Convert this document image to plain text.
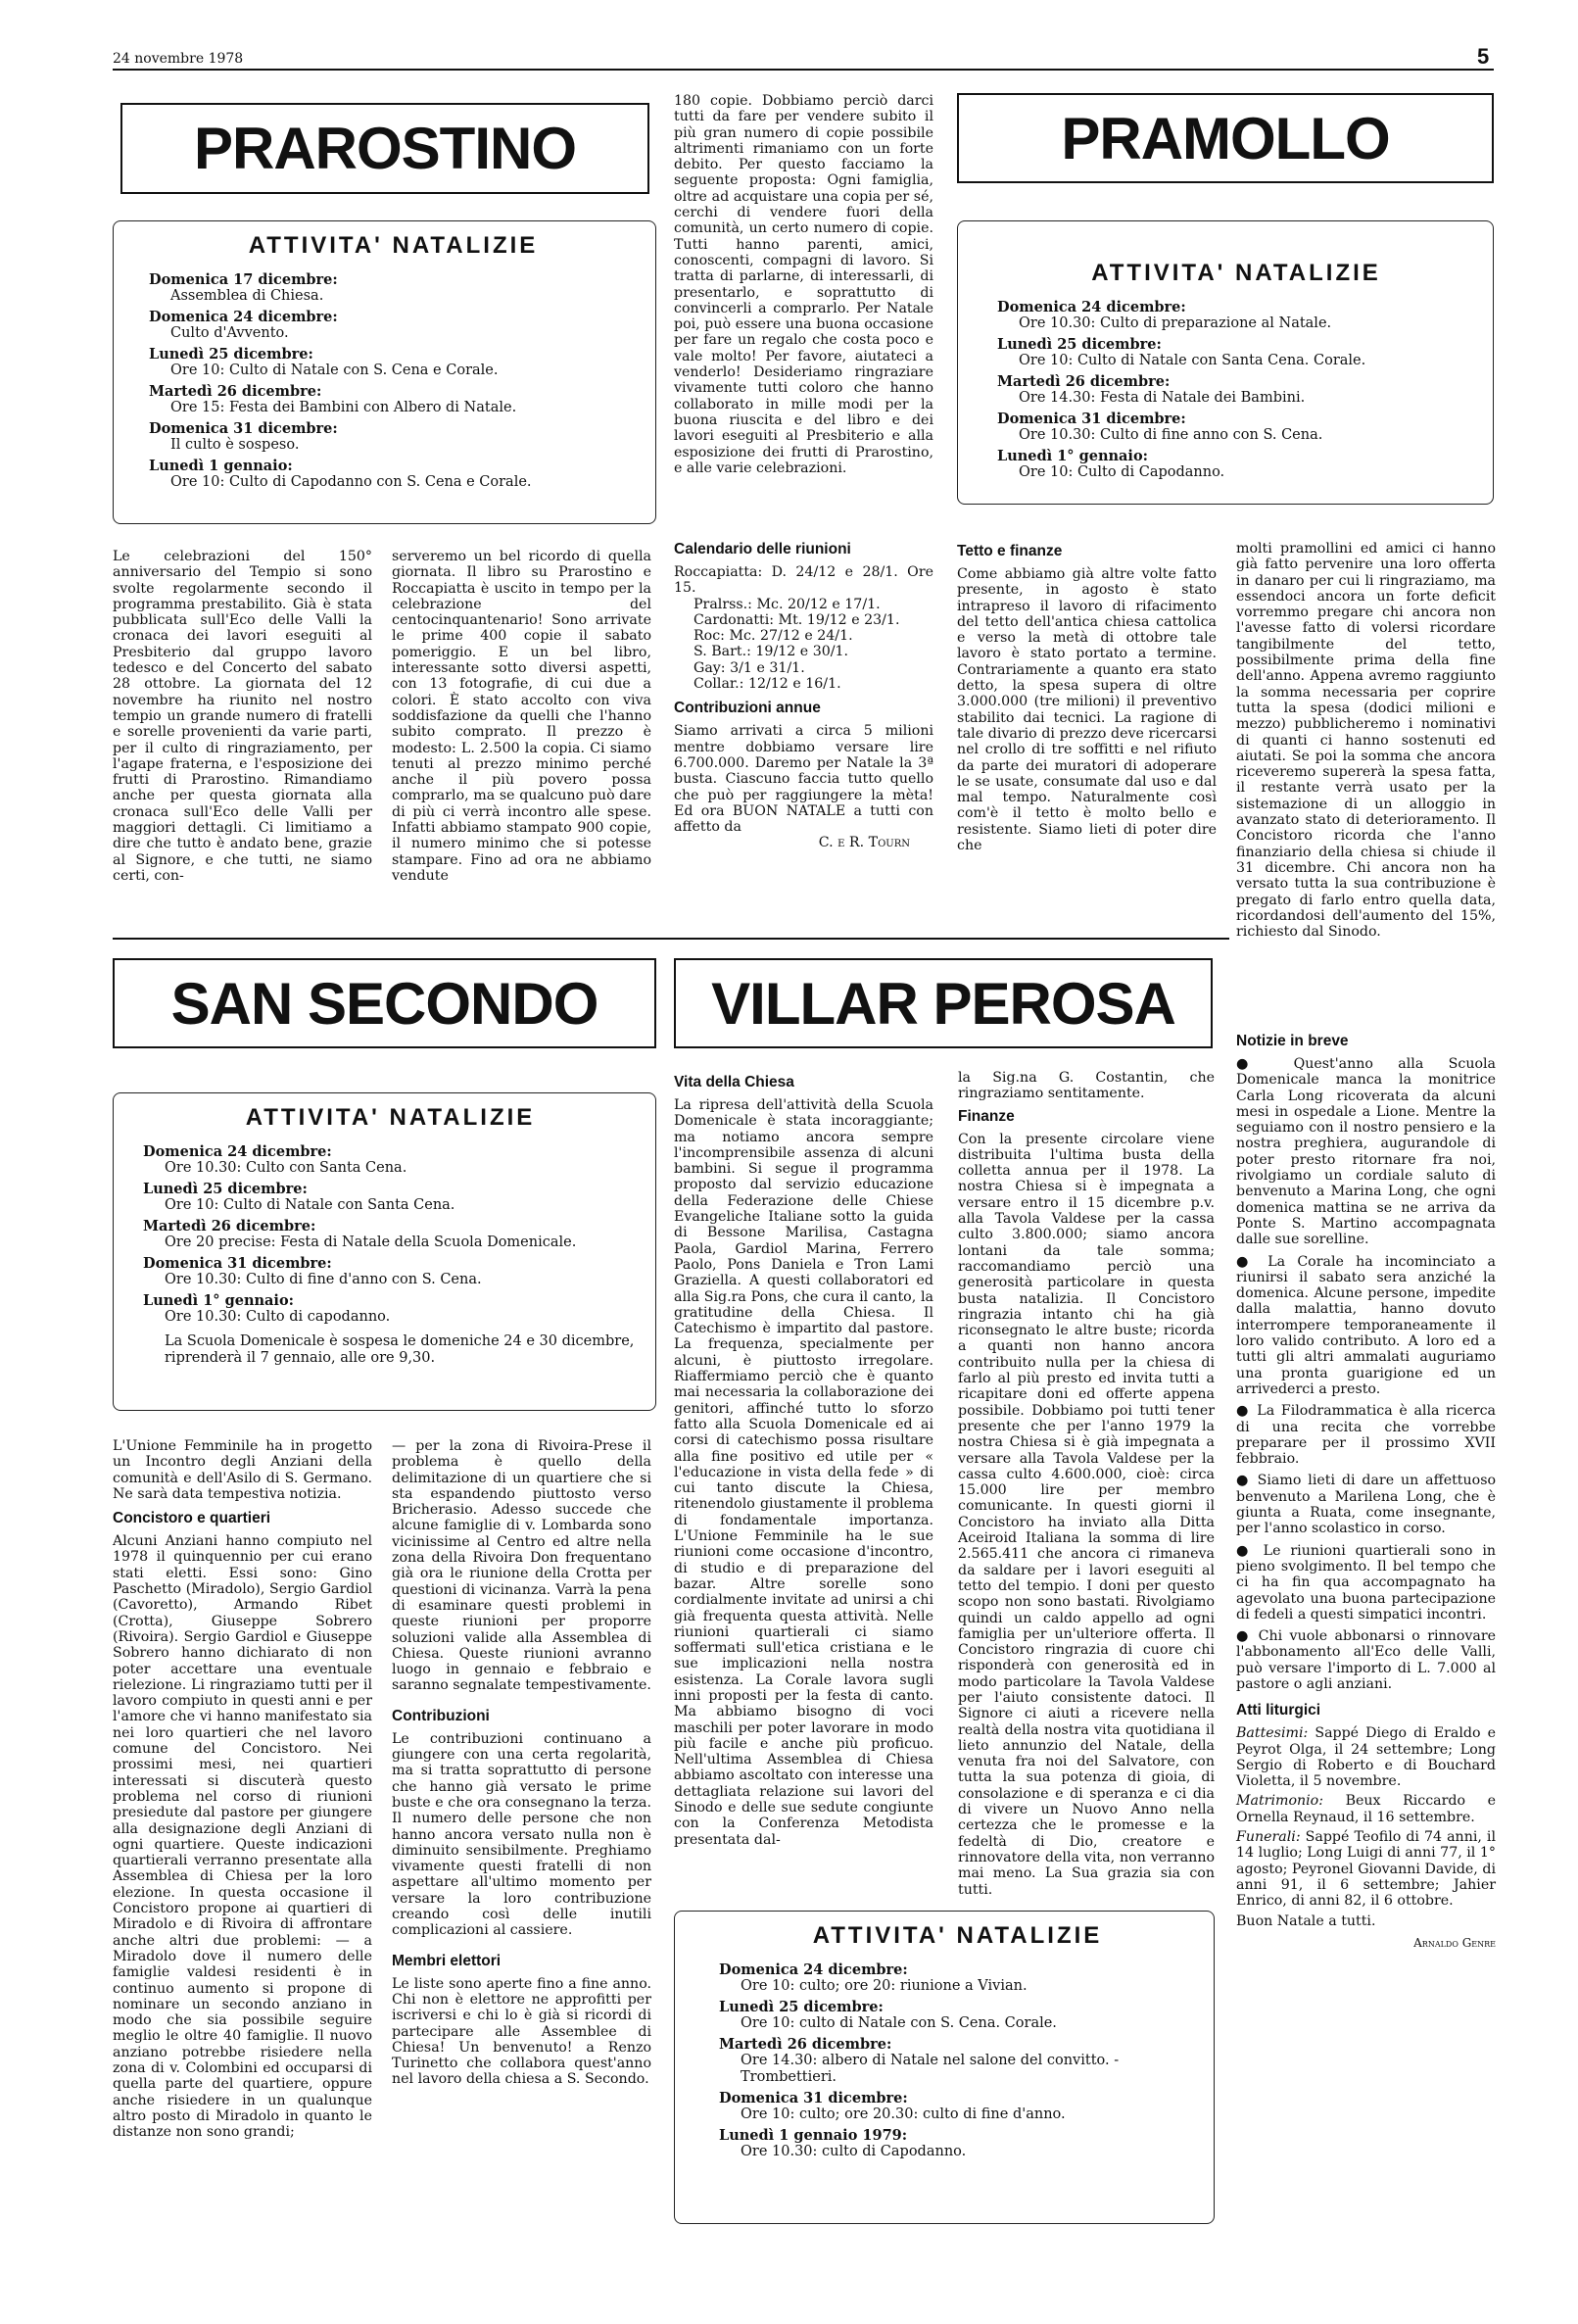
24 novembre 1978	5
PRAROSTINO
ATTIVITA' NATALIZIE
Domenica 17 dicembre:
Assemblea di Chiesa.
Domenica 24 dicembre:
Culto d'Avvento.
Lunedì 25 dicembre:
Ore 10: Culto di Natale con S. Cena e Corale.
Martedì 26 dicembre:
Ore 15: Festa dei Bambini con Albero di Natale.
Domenica 31 dicembre:
Il culto è sospeso.
Lunedì 1 gennaio:
Ore 10: Culto di Capodanno con S. Cena e Corale.
Le celebrazioni del 150° anniversario del Tempio si sono svolte regolarmente secondo il programma prestabilito. Già è stata pubblicata sull'Eco delle Valli la cronaca dei lavori eseguiti al Presbiterio dal gruppo lavoro tedesco e del Concerto del sabato 28 ottobre. La giornata del 12 novembre ha riunito nel nostro tempio un grande numero di fratelli e sorelle provenienti da varie parti, per il culto di ringraziamento, per l'agape fraterna, e l'esposizione dei frutti di Prarostino. Rimandiamo anche per questa giornata alla cronaca sull'Eco delle Valli per maggiori dettagli. Ci limitiamo a dire che tutto è andato bene, grazie al Signore, e che tutti, ne siamo certi, con-
serveremo un bel ricordo di quella giornata. Il libro su Prarostino e Roccapiatta è uscito in tempo per la celebrazione del centocinquantenario! Sono arrivate le prime 400 copie il sabato pomeriggio. E un bel libro, interessante sotto diversi aspetti, con 13 fotografie, di cui due a colori. È stato accolto con viva soddisfazione da quelli che l'hanno subito comprato. Il prezzo è modesto: L. 2.500 la copia. Ci siamo tenuti al prezzo minimo perché anche il più povero possa comprarlo, ma se qualcuno può dare di più ci verrà incontro alle spese. Infatti abbiamo stampato 900 copie, il numero minimo che si potesse stampare. Fino ad ora ne abbiamo vendute
180 copie. Dobbiamo perciò darci tutti da fare per vendere subito il più gran numero di copie possibile altrimenti rimaniamo con un forte debito. Per questo facciamo la seguente proposta: Ogni famiglia, oltre ad acquistare una copia per sé, cerchi di vendere fuori della comunità, un certo numero di copie. Tutti hanno parenti, amici, conoscenti, compagni di lavoro. Si tratta di parlarne, di interessarli, di presentarlo, e soprattutto di convincerli a comprarlo. Per Natale poi, può essere una buona occasione per fare un regalo che costa poco e vale molto! Per favore, aiutateci a venderlo! Desideriamo ringraziare vivamente tutti coloro che hanno collaborato in mille modi per la buona riuscita e del libro e dei lavori eseguiti al Presbiterio e alla esposizione dei frutti di Prarostino, e alle varie celebrazioni.
Calendario delle riunioni
Roccapiatta: D. 24/12 e 28/1. Ore 15.
Pralrss.: Mc. 20/12 e 17/1.
Cardonatti: Mt. 19/12 e 23/1.
Roc: Mc. 27/12 e 24/1.
S. Bart.: 19/12 e 30/1.
Gay: 3/1 e 31/1.
Collar.: 12/12 e 16/1.
Contribuzioni annue
Siamo arrivati a circa 5 milioni mentre dobbiamo versare lire 6.700.000. Daremo per Natale la 3ª busta. Ciascuno faccia tutto quello che può per raggiungere la mèta! Ed ora BUON NATALE a tutti con affetto da
C. e R. Tourn
PRAMOLLO
ATTIVITA' NATALIZIE
Domenica 24 dicembre:
Ore 10.30: Culto di preparazione al Natale.
Lunedì 25 dicembre:
Ore 10: Culto di Natale con Santa Cena. Corale.
Martedì 26 dicembre:
Ore 14.30: Festa di Natale dei Bambini.
Domenica 31 dicembre:
Ore 10.30: Culto di fine anno con S. Cena.
Lunedì 1° gennaio:
Ore 10: Culto di Capodanno.
Tetto e finanze
Come abbiamo già altre volte fatto presente, in agosto è stato intrapreso il lavoro di rifacimento del tetto dell'antica chiesa cattolica e verso la metà di ottobre tale lavoro è stato portato a termine. Contrariamente a quanto era stato detto, la spesa supera di oltre 3.000.000 (tre milioni) il preventivo stabilito dai tecnici. La ragione di tale divario di prezzo deve ricercarsi nel crollo di tre soffitti e nel rifiuto da parte dei muratori di adoperare le se usate, consumate dal uso e dal mal tempo. Naturalmente così com'è il tetto è molto bello e resistente. Siamo lieti di poter dire che
molti pramollini ed amici ci hanno già fatto pervenire una loro offerta in danaro per cui li ringraziamo, ma essendoci ancora un forte deficit vorremmo pregare chi ancora non l'avesse fatto di volersi ricordare tangibilmente del tetto, possibilmente prima della fine dell'anno. Appena avremo raggiunto la somma necessaria per coprire tutta la spesa (dodici milioni e mezzo) pubblicheremo i nominativi di quanti ci hanno sostenuti ed aiutati. Se poi la somma che ancora riceveremo supererà la spesa fatta, il restante verrà usato per la sistemazione di un alloggio in avanzato stato di deterioramento. Il Concistoro ricorda che l'anno finanziario della chiesa si chiude il 31 dicembre. Chi ancora non ha versato tutta la sua contribuzione è pregato di farlo entro quella data, ricordandosi dell'aumento del 15%, richiesto dal Sinodo.
Notizie in breve
● Quest'anno alla Scuola Domenicale manca la monitrice Carla Long ricoverata da alcuni mesi in ospedale a Lione. Mentre la seguiamo con il nostro pensiero e la nostra preghiera, augurandole di poter presto ritornare fra noi, rivolgiamo un cordiale saluto di benvenuto a Marina Long, che ogni domenica mattina se ne arriva da Ponte S. Martino accompagnata dalle sue sorelline.
● La Corale ha incominciato a riunirsi il sabato sera anziché la domenica. Alcune persone, impedite dalla malattia, hanno dovuto interrompere temporaneamente il loro valido contributo. A loro ed a tutti gli altri ammalati auguriamo una pronta guarigione ed un arrivederci a presto.
● La Filodrammatica è alla ricerca di una recita che vorrebbe preparare per il prossimo XVII febbraio.
● Siamo lieti di dare un affettuoso benvenuto a Marilena Long, che è giunta a Ruata, come insegnante, per l'anno scolastico in corso.
● Le riunioni quartierali sono in pieno svolgimento. Il bel tempo che ci ha fin qua accompagnato ha agevolato una buona partecipazione di fedeli a questi simpatici incontri.
● Chi vuole abbonarsi o rinnovare l'abbonamento all'Eco delle Valli, può versare l'importo di L. 7.000 al pastore o agli anziani.
Atti liturgici
Battesimi: Sappé Diego di Eraldo e Peyrot Olga, il 24 settembre; Long Sergio di Roberto e di Bouchard Violetta, il 5 novembre.
Matrimonio: Beux Riccardo e Ornella Reynaud, il 16 settembre.
Funerali: Sappé Teofilo di 74 anni, il 14 luglio; Long Luigi di anni 77, il 1° agosto; Peyronel Giovanni Davide, di anni 91, il 6 settembre; Jahier Enrico, di anni 82, il 6 ottobre.
Buon Natale a tutti.
Arnaldo Genre
SAN SECONDO
ATTIVITA' NATALIZIE
Domenica 24 dicembre:
Ore 10.30: Culto con Santa Cena.
Lunedì 25 dicembre:
Ore 10: Culto di Natale con Santa Cena.
Martedì 26 dicembre:
Ore 20 precise: Festa di Natale della Scuola Domenicale.
Domenica 31 dicembre:
Ore 10.30: Culto di fine d'anno con S. Cena.
Lunedì 1° gennaio:
Ore 10.30: Culto di capodanno.
La Scuola Domenicale è sospesa le domeniche 24 e 30 dicembre, riprenderà il 7 gennaio, alle ore 9,30.
L'Unione Femminile ha in progetto un Incontro degli Anziani della comunità e dell'Asilo di S. Germano. Ne sarà data tempestiva notizia.
Concistoro e quartieri
Alcuni Anziani hanno compiuto nel 1978 il quinquennio per cui erano stati eletti. Essi sono: Gino Paschetto (Miradolo), Sergio Gardiol (Cavoretto), Armando Ribet (Crotta), Giuseppe Sobrero (Rivoira). Sergio Gardiol e Giuseppe Sobrero hanno dichiarato di non poter accettare una eventuale rielezione. Li ringraziamo tutti per il lavoro compiuto in questi anni e per l'amore che vi hanno manifestato sia nei loro quartieri che nel lavoro comune del Concistoro. Nei prossimi mesi, nei quartieri interessati si discuterà questo problema nel corso di riunioni presiedute dal pastore per giungere alla designazione degli Anziani di ogni quartiere. Queste indicazioni quartierali verranno presentate alla Assemblea di Chiesa per la loro elezione. In questa occasione il Concistoro propone ai quartieri di Miradolo e di Rivoira di affrontare anche altri due problemi: — a Miradolo dove il numero delle famiglie valdesi residenti è in continuo aumento si propone di nominare un secondo anziano in modo che sia possibile seguire meglio le oltre 40 famiglie. Il nuovo anziano potrebbe risiedere nella zona di v. Colombini ed occuparsi di quella parte del quartiere, oppure anche risiedere in un qualunque altro posto di Miradolo in quanto le distanze non sono grandi;
— per la zona di Rivoira-Prese il problema è quello della delimitazione di un quartiere che si sta espandendo piuttosto verso Bricherasio. Adesso succede che alcune famiglie di v. Lombarda sono vicinissime al Centro ed altre nella zona della Rivoira Don frequentano già ora le riunione della Crotta per questioni di vicinanza. Varrà la pena di esaminare questi problemi in queste riunioni per proporre soluzioni valide alla Assemblea di Chiesa. Queste riunioni avranno luogo in gennaio e febbraio e saranno segnalate tempestivamente.
Contribuzioni
Le contribuzioni continuano a giungere con una certa regolarità, ma si tratta soprattutto di persone che hanno già versato le prime buste e che ora consegnano la terza. Il numero delle persone che non hanno ancora versato nulla non è diminuito sensibilmente. Preghiamo vivamente questi fratelli di non aspettare all'ultimo momento per versare la loro contribuzione creando così delle inutili complicazioni al cassiere.
Membri elettori
Le liste sono aperte fino a fine anno. Chi non è elettore ne approfitti per iscriversi e chi lo è già si ricordi di partecipare alle Assemblee di Chiesa! Un benvenuto! a Renzo Turinetto che collabora quest'anno nel lavoro della chiesa a S. Secondo.
VILLAR PEROSA
Vita della Chiesa
La ripresa dell'attività della Scuola Domenicale è stata incoraggiante; ma notiamo ancora sempre l'incomprensibile assenza di alcuni bambini. Si segue il programma proposto dal servizio educazione della Federazione delle Chiese Evangeliche Italiane sotto la guida di Bessone Marilisa, Castagna Paola, Gardiol Marina, Ferrero Paolo, Pons Daniela e Tron Lami Graziella. A questi collaboratori ed alla Sig.ra Pons, che cura il canto, la gratitudine della Chiesa. Il Catechismo è impartito dal pastore. La frequenza, specialmente per alcuni, è piuttosto irregolare. Riaffermiamo perciò che è quanto mai necessaria la collaborazione dei genitori, affinché tutto lo sforzo fatto alla Scuola Domenicale ed ai corsi di catechismo possa risultare alla fine positivo ed utile per « l'educazione in vista della fede » di cui tanto discute la Chiesa, ritenendolo giustamente il problema di fondamentale importanza. L'Unione Femminile ha le sue riunioni come occasione d'incontro, di studio e di preparazione del bazar. Altre sorelle sono cordialmente invitate ad unirsi a chi già frequenta questa attività. Nelle riunioni quartierali ci siamo soffermati sull'etica cristiana e le sue implicazioni nella nostra esistenza. La Corale lavora sugli inni proposti per la festa di canto. Ma abbiamo bisogno di voci maschili per poter lavorare in modo più facile e anche più proficuo. Nell'ultima Assemblea di Chiesa abbiamo ascoltato con interesse una dettagliata relazione sui lavori del Sinodo e delle sue sedute congiunte con la Conferenza Metodista presentata dal-
la Sig.na G. Costantin, che ringraziamo sentitamente.
Finanze
Con la presente circolare viene distribuita l'ultima busta della colletta annua per il 1978. La nostra Chiesa si è impegnata a versare entro il 15 dicembre p.v. alla Tavola Valdese per la cassa culto 3.800.000; siamo ancora lontani da tale somma; raccomandiamo perciò una generosità particolare in questa busta natalizia. Il Concistoro ringrazia intanto chi ha già riconsegnato le altre buste; ricorda a quanti non hanno ancora contribuito nulla per la chiesa di farlo al più presto ed invita tutti a ricapitare doni ed offerte appena possibile. Dobbiamo poi tutti tener presente che per l'anno 1979 la nostra Chiesa si è già impegnata a versare alla Tavola Valdese per la cassa culto 4.600.000, cioè: circa 15.000 lire per membro comunicante. In questi giorni il Concistoro ha inviato alla Ditta Aceiroid Italiana la somma di lire 2.565.411 che ancora ci rimaneva da saldare per i lavori eseguiti al tetto del tempio. I doni per questo scopo non sono bastati. Rivolgiamo quindi un caldo appello ad ogni famiglia per un'ulteriore offerta. Il Concistoro ringrazia di cuore chi risponderà con generosità ed in modo particolare la Tavola Valdese per l'aiuto consistente datoci. Il Signore ci aiuti a ricevere nella realtà della nostra vita quotidiana il lieto annunzio del Natale, della venuta fra noi del Salvatore, con tutta la sua potenza di gioia, di consolazione e di speranza e ci dia di vivere un Nuovo Anno nella certezza che le promesse e la fedeltà di Dio, creatore e rinnovatore della vita, non verranno mai meno. La Sua grazia sia con tutti.
ATTIVITA' NATALIZIE
Domenica 24 dicembre:
Ore 10: culto; ore 20: riunione a Vivian.
Lunedì 25 dicembre:
Ore 10: culto di Natale con S. Cena. Corale.
Martedì 26 dicembre:
Ore 14.30: albero di Natale nel salone del convitto. - Trombettieri.
Domenica 31 dicembre:
Ore 10: culto; ore 20.30: culto di fine d'anno.
Lunedì 1 gennaio 1979:
Ore 10.30: culto di Capodanno.
